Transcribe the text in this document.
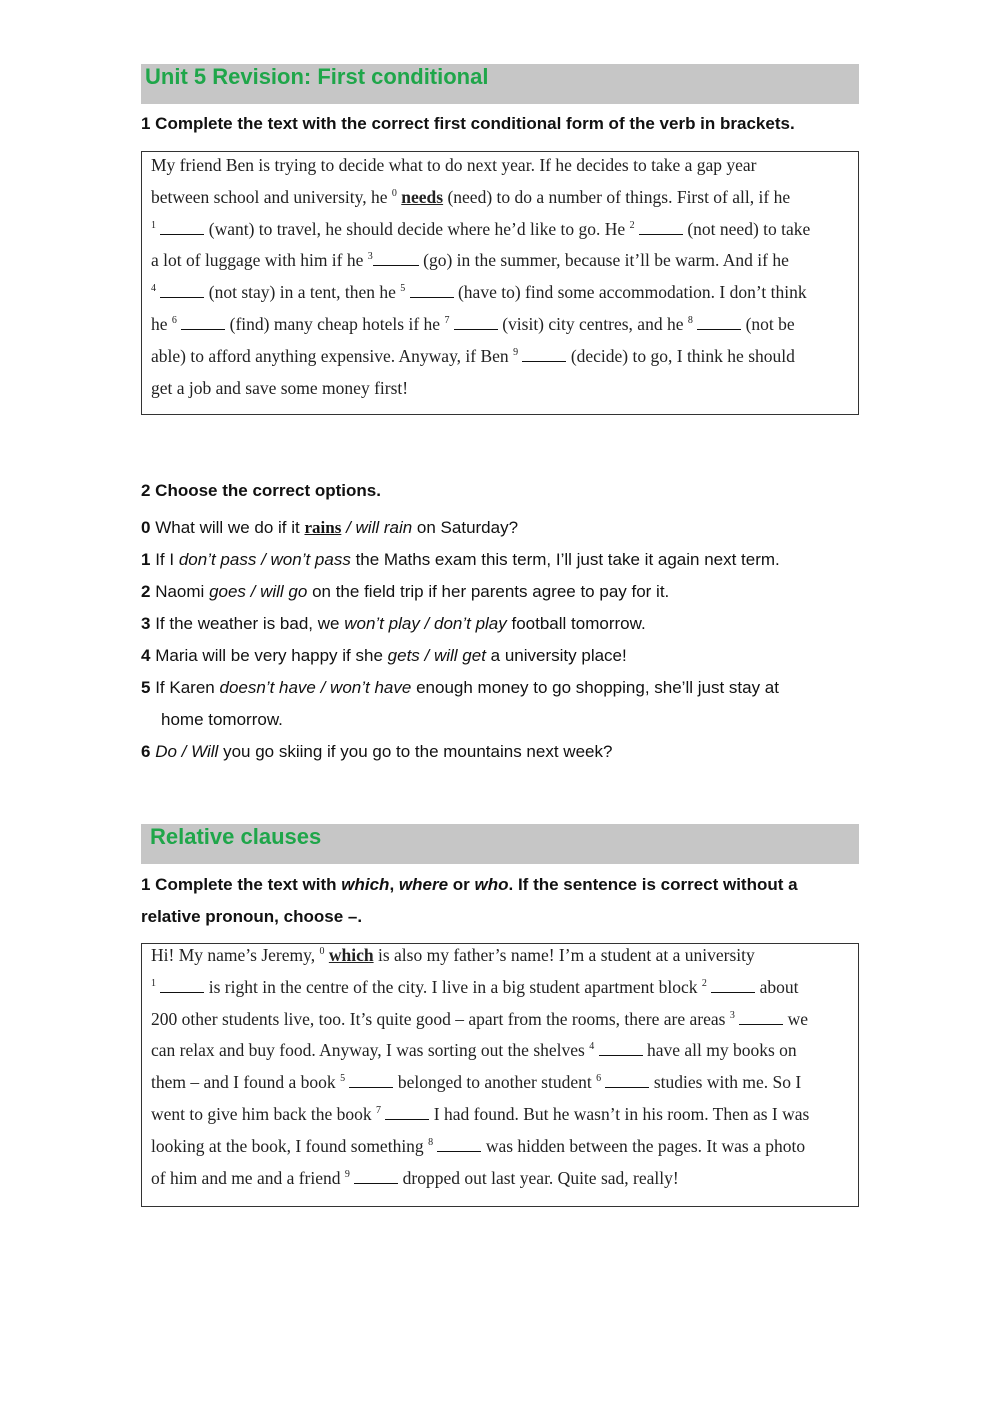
Unit 5 Revision: First conditional
1 Complete the text with the correct first conditional form of the verb in brackets.
My friend Ben is trying to decide what to do next year. If he decides to take a gap year
between school and university, he $^0$ needs (need) to do a number of things. First of all, if he
$^1$	(want) to travel, he should decide where he’d like to go. He $^2$	(not need) to take
a lot of luggage with him if he $^3$	(go) in the summer, because it’ll be warm. And if he
$^4$	(not stay) in a tent, then he $^5$	(have to) find some accommodation. I don’t think
he $^6$	(find) many cheap hotels if he $^7$	(visit) city centres, and he $^8$	(not be
able) to afford anything expensive. Anyway, if Ben $^9$	(decide) to go, I think he should
get a job and save some money first!
2 Choose the correct options.
0 What will we do if it rains / will rain on Saturday?
1 If I don’t pass / won’t pass the Maths exam this term, I’ll just take it again next term.
2 Naomi goes / will go on the field trip if her parents agree to pay for it.
3 If the weather is bad, we won’t play / don’t play football tomorrow.
4 Maria will be very happy if she gets / will get a university place!
5 If Karen doesn’t have / won’t have enough money to go shopping, she’ll just stay at
home tomorrow.
6 Do / Will you go skiing if you go to the mountains next week?
Relative clauses
1 Complete the text with which, where or who. If the sentence is correct without a
relative pronoun, choose –.
Hi! My name’s Jeremy, $^0$ which is also my father’s name! I’m a student at a university
$^1$	is right in the centre of the city. I live in a big student apartment block $^2$	about
200 other students live, too. It’s quite good – apart from the rooms, there are areas $^3$	we
can relax and buy food. Anyway, I was sorting out the shelves $^4$	have all my books on
them – and I found a book $^5$	belonged to another student $^6$	studies with me. So I
went to give him back the book $^7$	I had found. But he wasn’t in his room. Then as I was
looking at the book, I found something $^8$	was hidden between the pages. It was a photo
of him and me and a friend $^9$	dropped out last year. Quite sad, really!
